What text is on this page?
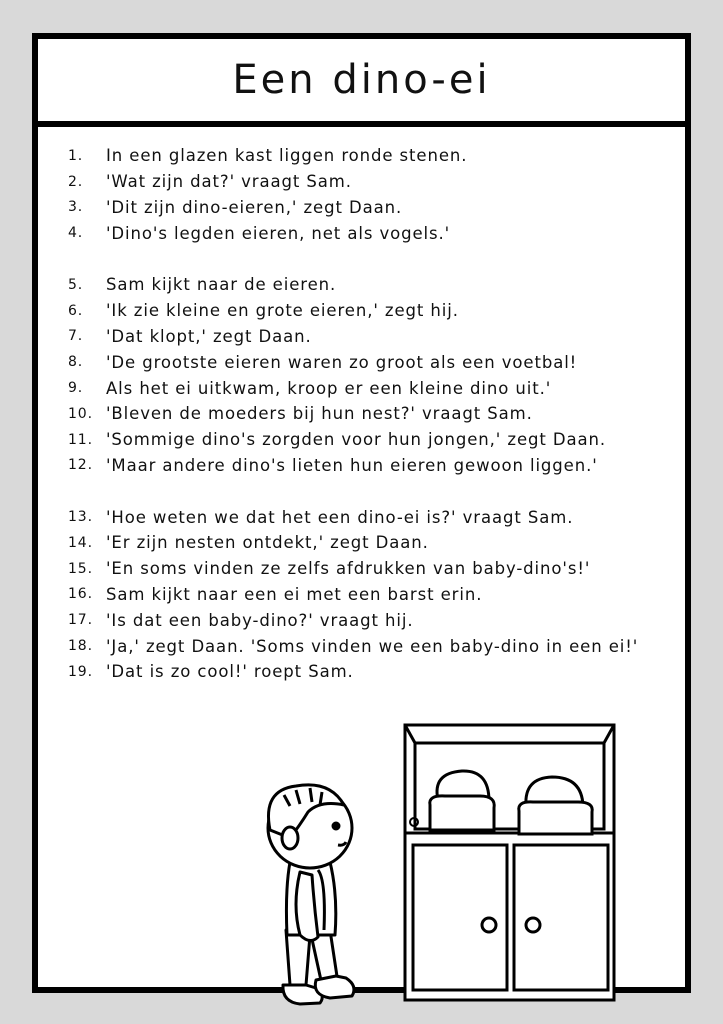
Een dino-ei
1.	In een glazen kast liggen ronde stenen.
2.	'Wat zijn dat?' vraagt Sam.
3.	'Dit zijn dino-eieren,' zegt Daan.
4.	'Dino's legden eieren, net als vogels.'
5.	Sam kijkt naar de eieren.
6.	'Ik zie kleine en grote eieren,' zegt hij.
7.	'Dat klopt,' zegt Daan.
8.	'De grootste eieren waren zo groot als een voetbal!
9.	Als het ei uitkwam, kroop er een kleine dino uit.'
10. 'Bleven de moeders bij hun nest?' vraagt Sam.
11. 'Sommige dino's zorgden voor hun jongen,' zegt Daan.
12. 'Maar andere dino's lieten hun eieren gewoon liggen.'
13. 'Hoe weten we dat het een dino-ei is?' vraagt Sam.
14. 'Er zijn nesten ontdekt,' zegt Daan.
15. 'En soms vinden ze zelfs afdrukken van baby-dino's!'
16. Sam kijkt naar een ei met een barst erin.
17. 'Is dat een baby-dino?' vraagt hij.
18. 'Ja,' zegt Daan. 'Soms vinden we een baby-dino in een ei!'
19. 'Dat is zo cool!' roept Sam.
